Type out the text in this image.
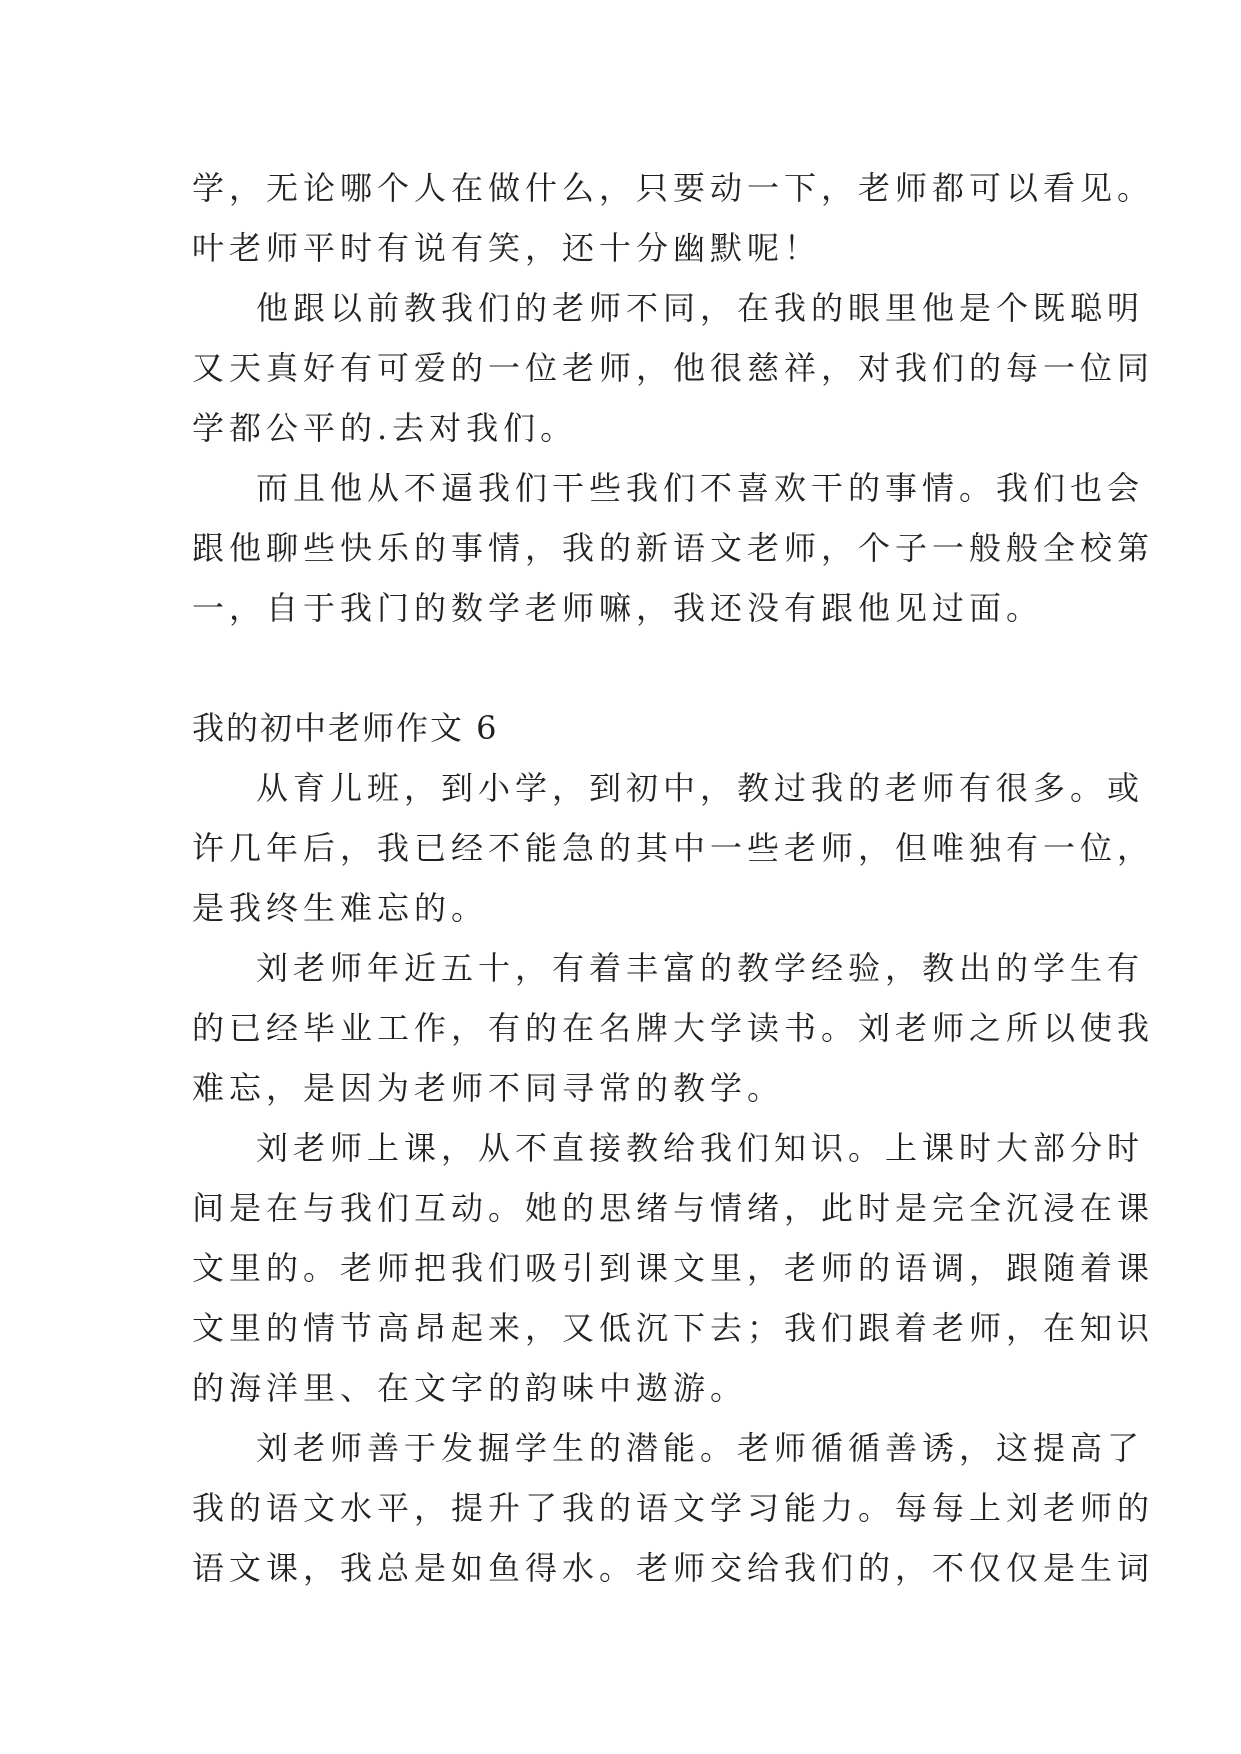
学，无论哪个人在做什么，只要动一下，老师都可以看见。
叶老师平时有说有笑，还十分幽默呢！
他跟以前教我们的老师不同，在我的眼里他是个既聪明
又天真好有可爱的一位老师，他很慈祥，对我们的每一位同
学都公平的.去对我们。
而且他从不逼我们干些我们不喜欢干的事情。我们也会
跟他聊些快乐的事情，我的新语文老师，个子一般般全校第
一，自于我门的数学老师嘛，我还没有跟他见过面。
我的初中老师作文 6
从育儿班，到小学，到初中，教过我的老师有很多。或
许几年后，我已经不能急的其中一些老师，但唯独有一位，
是我终生难忘的。
刘老师年近五十，有着丰富的教学经验，教出的学生有
的已经毕业工作，有的在名牌大学读书。刘老师之所以使我
难忘，是因为老师不同寻常的教学。
刘老师上课，从不直接教给我们知识。上课时大部分时
间是在与我们互动。她的思绪与情绪，此时是完全沉浸在课
文里的。老师把我们吸引到课文里，老师的语调，跟随着课
文里的情节高昂起来，又低沉下去；我们跟着老师，在知识
的海洋里、在文字的韵味中遨游。
刘老师善于发掘学生的潜能。老师循循善诱，这提高了
我的语文水平，提升了我的语文学习能力。每每上刘老师的
语文课，我总是如鱼得水。老师交给我们的，不仅仅是生词
